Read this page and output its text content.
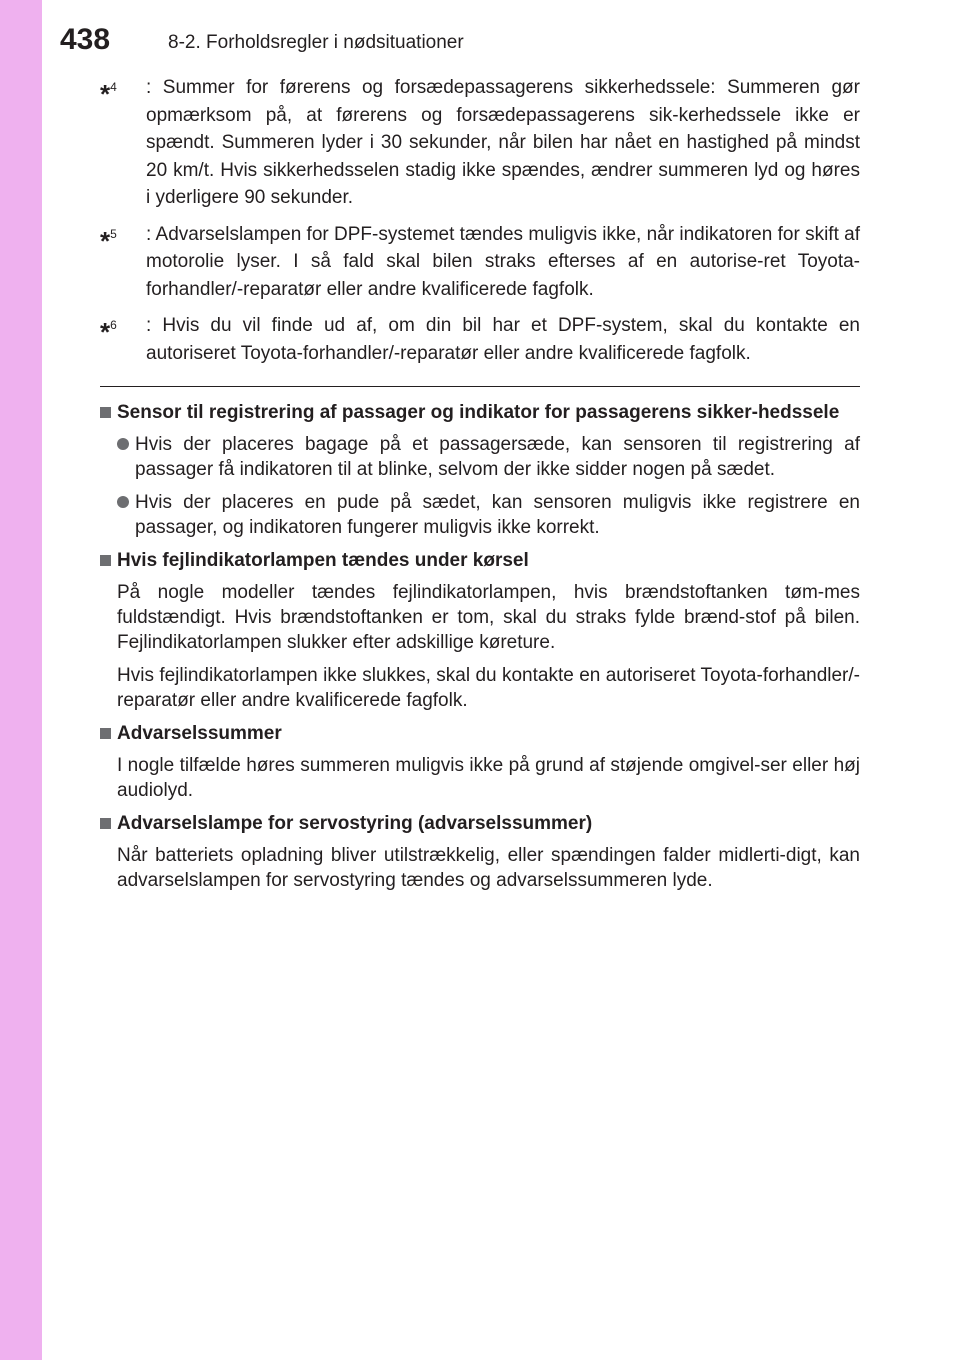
438	8-2. Forholdsregler i nødsituationer
*$^4$	: Summer for førerens og forsædepassagerens sikkerhedssele: Summeren gør opmærksom på, at førerens og forsædepassagerens sik-kerhedssele ikke er spændt. Summeren lyder i 30 sekunder, når bilen har nået en hastighed på mindst 20 km/t. Hvis sikkerhedsselen stadig ikke spændes, ændrer summeren lyd og høres i yderligere 90 sekunder.
*$^5$	: Advarselslampen for DPF-systemet tændes muligvis ikke, når indikatoren for skift af motorolie lyser. I så fald skal bilen straks efterses af en autorise-ret Toyota-forhandler/-reparatør eller andre kvalificerede fagfolk.
*$^6$	: Hvis du vil finde ud af, om din bil har et DPF-system, skal du kontakte en autoriseret Toyota-forhandler/-reparatør eller andre kvalificerede fagfolk.
Sensor til registrering af passager og indikator for passagerens sikker-hedssele
Hvis der placeres bagage på et passagersæde, kan sensoren til registrering af passager få indikatoren til at blinke, selvom der ikke sidder nogen på sædet.
Hvis der placeres en pude på sædet, kan sensoren muligvis ikke registrere en passager, og indikatoren fungerer muligvis ikke korrekt.
Hvis fejlindikatorlampen tændes under kørsel

På nogle modeller tændes fejlindikatorlampen, hvis brændstoftanken tøm-mes fuldstændigt. Hvis brændstoftanken er tom, skal du straks fylde brænd-stof på bilen. Fejlindikatorlampen slukker efter adskillige køreture.

Hvis fejlindikatorlampen ikke slukkes, skal du kontakte en autoriseret Toyota-forhandler/-reparatør eller andre kvalificerede fagfolk.

Advarselssummer

I nogle tilfælde høres summeren muligvis ikke på grund af støjende omgivel-ser eller høj audiolyd.

Advarselslampe for servostyring (advarselssummer)

Når batteriets opladning bliver utilstrækkelig, eller spændingen falder midlerti-digt, kan advarselslampen for servostyring tændes og advarselssummeren lyde.
